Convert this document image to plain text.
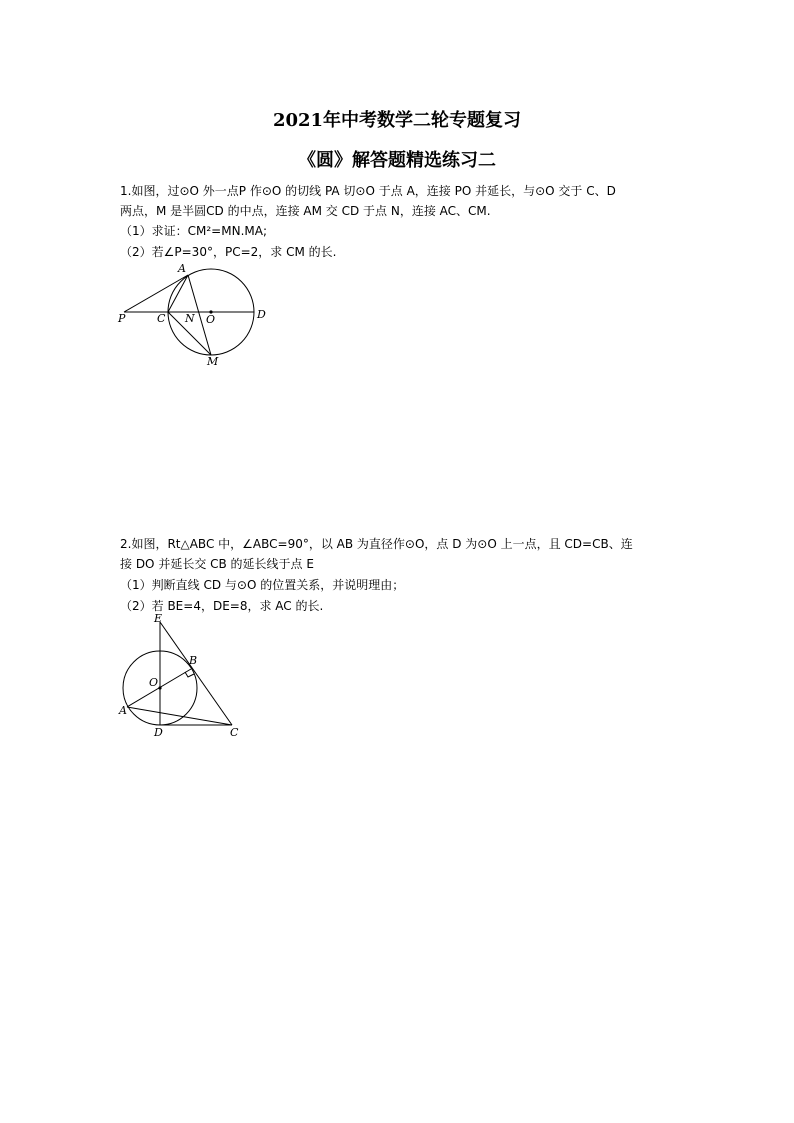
2021年中考数学二轮专题复习
《圆》解答题精选练习二

1.如图，过⊙O 外一点P 作⊙O 的切线 PA 切⊙O 于点 A，连接 PO 并延长，与⊙O 交于 C、D

两点，M 是半圆CD 的中点，连接 AM 交 CD 于点 N，连接 AC、CM.

（1）求证：CM²=MN.MA;

（2）若∠P=30°，PC=2，求 CM 的长.

A
P	C N O	D
M

2.如图，Rt△ABC 中，∠ABC=90°，以 AB 为直径作⊙O，点 D 为⊙O 上一点，且 CD=CB、连

接 DO 并延长交 CB 的延长线于点 E

（1）判断直线 CD 与⊙O 的位置关系，并说明理由；

（2）若 BE=4，DE=8，求 AC 的长.

E
B
O
A
D	C
